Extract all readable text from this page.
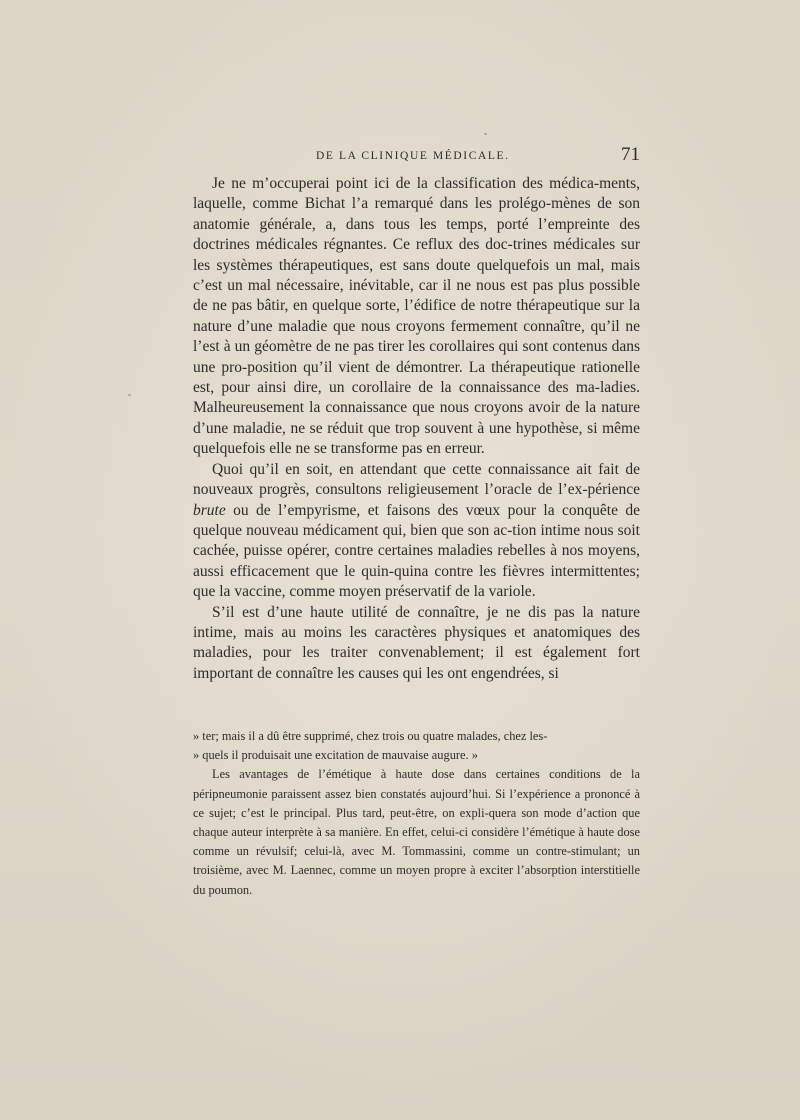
DE LA CLINIQUE MÉDICALE.	71

Je ne m’occuperai point ici de la classification des médica-ments, laquelle, comme Bichat l’a remarqué dans les prolégo-mènes de son anatomie générale, a, dans tous les temps, porté l’empreinte des doctrines médicales régnantes. Ce reflux des doc-trines médicales sur les systèmes thérapeutiques, est sans doute quelquefois un mal, mais c’est un mal nécessaire, inévitable, car il ne nous est pas plus possible de ne pas bâtir, en quelque sorte, l’édifice de notre thérapeutique sur la nature d’une maladie que nous croyons fermement connaître, qu’il ne l’est à un géomètre de ne pas tirer les corollaires qui sont contenus dans une pro-position qu’il vient de démontrer. La thérapeutique rationelle est, pour ainsi dire, un corollaire de la connaissance des ma-ladies. Malheureusement la connaissance que nous croyons avoir de la nature d’une maladie, ne se réduit que trop souvent à une hypothèse, si même quelquefois elle ne se transforme pas en erreur.

Quoi qu’il en soit, en attendant que cette connaissance ait fait de nouveaux progrès, consultons religieusement l’oracle de l’ex-périence brute ou de l’empyrisme, et faisons des vœux pour la conquête de quelque nouveau médicament qui, bien que son ac-tion intime nous soit cachée, puisse opérer, contre certaines maladies rebelles à nos moyens, aussi efficacement que le quin-quina contre les fièvres intermittentes; que la vaccine, comme moyen préservatif de la variole.

S’il est d’une haute utilité de connaître, je ne dis pas la nature intime, mais au moins les caractères physiques et anatomiques des maladies, pour les traiter convenablement; il est également fort important de connaître les causes qui les ont engendrées, si

» ter; mais il a dû être supprimé, chez trois ou quatre malades, chez les-

» quels il produisait une excitation de mauvaise augure. »

Les avantages de l’émétique à haute dose dans certaines conditions de la péripneumonie paraissent assez bien constatés aujourd’hui. Si l’expérience a prononcé à ce sujet; c’est le principal. Plus tard, peut-être, on expli-quera son mode d’action que chaque auteur interprète à sa manière. En effet, celui-ci considère l’émétique à haute dose comme un révulsif; celui-là, avec M. Tommassini, comme un contre-stimulant; un troisième, avec M. Laennec, comme un moyen propre à exciter l’absorption interstitielle du poumon.
